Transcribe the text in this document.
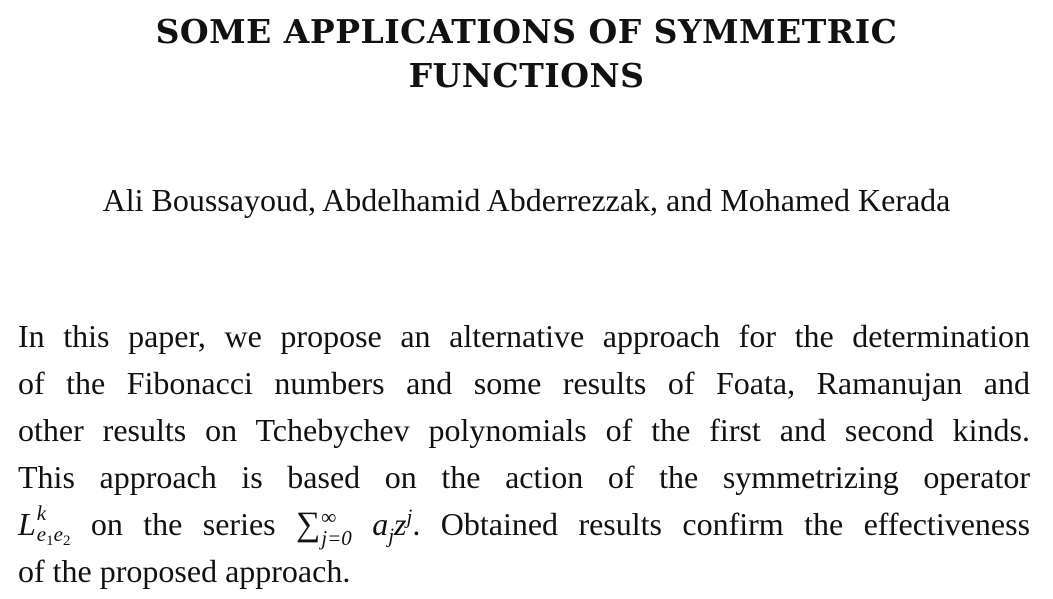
SOME APPLICATIONS OF SYMMETRIC
FUNCTIONS

Ali Boussayoud, Abdelhamid Abderrezzak, and Mohamed Kerada

In this paper, we propose an alternative approach for the determination
of the Fibonacci numbers and some results of Foata, Ramanujan and
other results on Tchebychev polynomials of the first and second kinds.
This approach is based on the action of the symmetrizing operator
L k
e1e2 on the series ∑ ∞
j=0 $a_jz^j$. Obtained results confirm the effectiveness
of the proposed approach.
